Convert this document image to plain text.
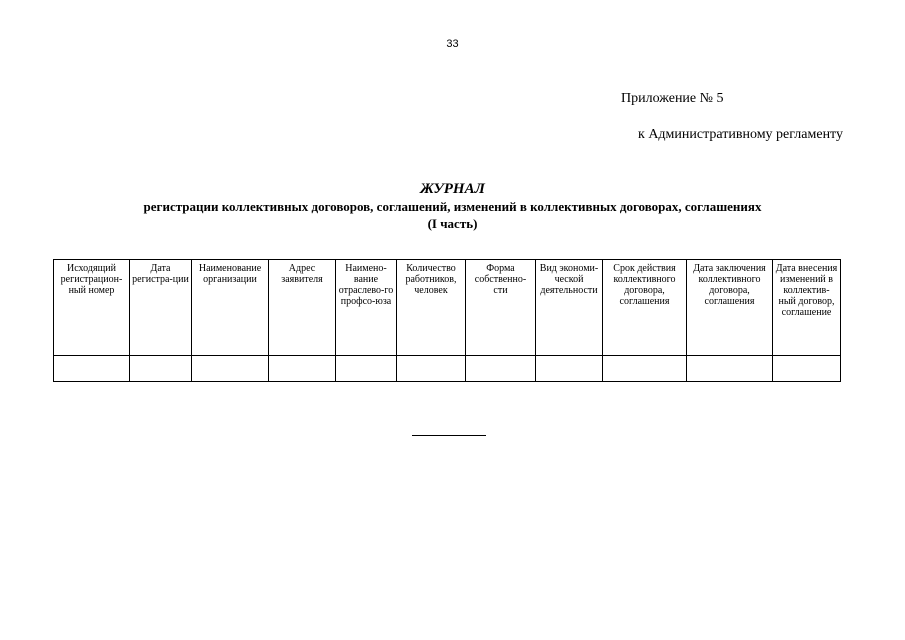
33
Приложение № 5
к Административному регламенту
ЖУРНАЛ
регистрации коллективных договоров, соглашений, изменений в коллективных договорах, соглашениях
(I часть)
Исходящий регистрацион-ный номер	Дата регистра-ции	Наименование организации	Адрес заявителя	Наимено-вание отраслево-го профсо-юза	Количество работников, человек	Форма собственно-сти	Вид экономи-ческой деятельности	Срок действия коллективного договора, соглашения	Дата заключения коллективного договора, соглашения	Дата внесения изменений в коллектив-ный договор, соглашение
